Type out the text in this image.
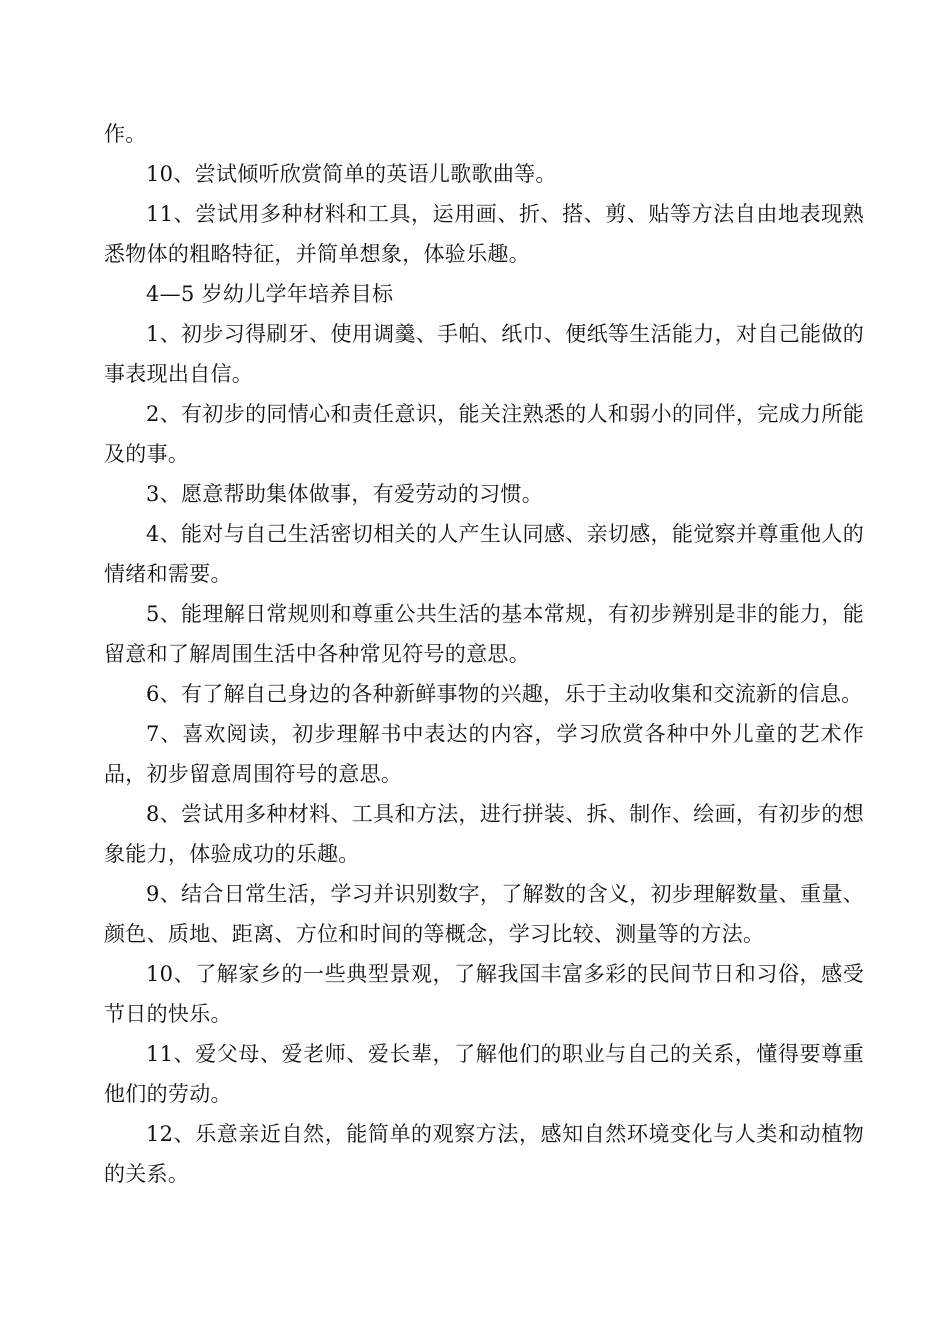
作。

10、尝试倾听欣赏简单的英语儿歌歌曲等。

11、尝试用多种材料和工具，运用画、折、搭、剪、贴等方法自由地表现熟悉物体的粗略特征，并简单想象，体验乐趣。

4—5 岁幼儿学年培养目标

1、初步习得刷牙、使用调羹、手帕、纸巾、便纸等生活能力，对自己能做的事表现出自信。

2、有初步的同情心和责任意识，能关注熟悉的人和弱小的同伴，完成力所能及的事。

3、愿意帮助集体做事，有爱劳动的习惯。

4、能对与自己生活密切相关的人产生认同感、亲切感，能觉察并尊重他人的情绪和需要。

5、能理解日常规则和尊重公共生活的基本常规，有初步辨别是非的能力，能留意和了解周围生活中各种常见符号的意思。

6、有了解自己身边的各种新鲜事物的兴趣，乐于主动收集和交流新的信息。

7、喜欢阅读，初步理解书中表达的内容，学习欣赏各种中外儿童的艺术作品，初步留意周围符号的意思。

8、尝试用多种材料、工具和方法，进行拼装、拆、制作、绘画，有初步的想象能力，体验成功的乐趣。

9、结合日常生活，学习并识别数字，了解数的含义，初步理解数量、重量、颜色、质地、距离、方位和时间的等概念，学习比较、测量等的方法。

10、了解家乡的一些典型景观，了解我国丰富多彩的民间节日和习俗，感受节日的快乐。

11、爱父母、爱老师、爱长辈，了解他们的职业与自己的关系，懂得要尊重他们的劳动。

12、乐意亲近自然，能简单的观察方法，感知自然环境变化与人类和动植物的关系。
